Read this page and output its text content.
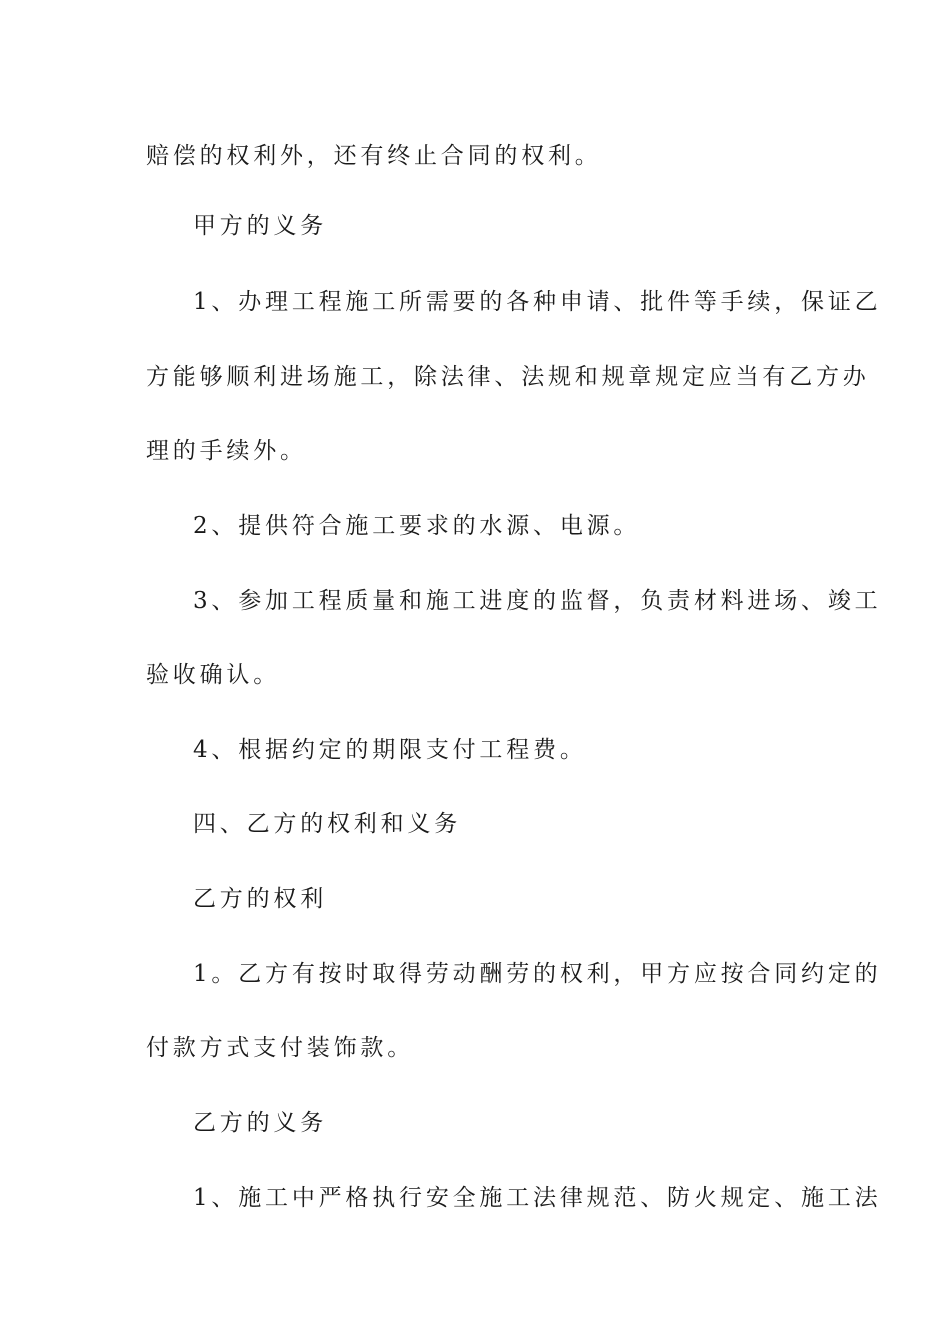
赔偿的权利外，还有终止合同的权利。
甲方的义务
1、办理工程施工所需要的各种申请、批件等手续，保证乙
方能够顺利进场施工，除法律、法规和规章规定应当有乙方办
理的手续外。
2、提供符合施工要求的水源、电源。
3、参加工程质量和施工进度的监督，负责材料进场、竣工
验收确认。
4、根据约定的期限支付工程费。
四、乙方的权利和义务
乙方的权利
1。乙方有按时取得劳动酬劳的权利，甲方应按合同约定的
付款方式支付装饰款。
乙方的义务
1、施工中严格执行安全施工法律规范、防火规定、施工法
